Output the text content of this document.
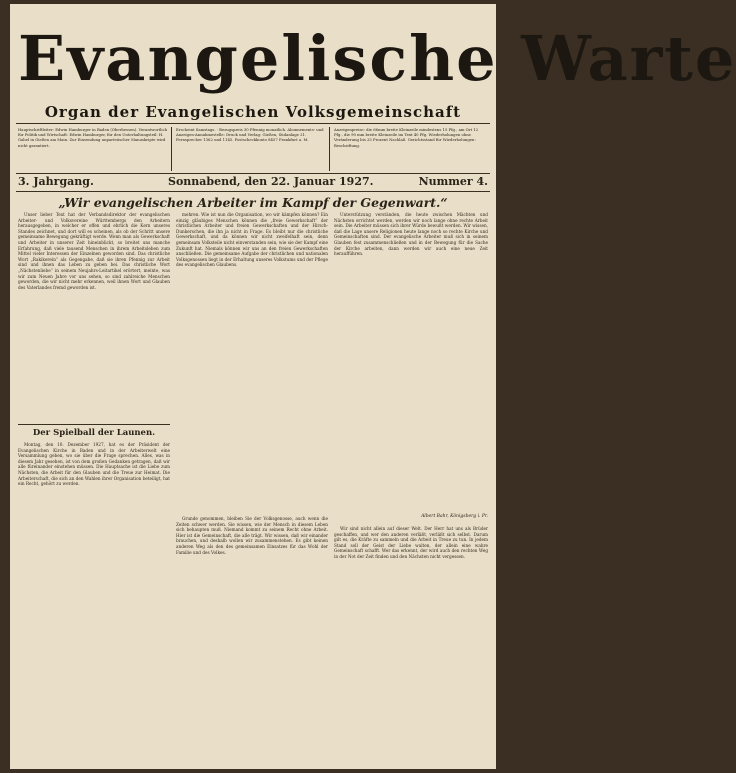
Evangelische Warte
Organ der Evangelischen Volksgemeinschaft
Hauptschriftleiter: Edwin Hamburger in Baden (Oberhessen). Verantwortlich für Politik und Wirtschaft: Edwin Hamburger, für den Unterhaltungsteil: H. Gabel in Gießen am Main. Zur Einsendung unparteiischer Manuskripte wird nicht garantiert.
Erscheint Samstags. · Bezugspreis 30 Pfennig monatlich. Abonnements- und Anzeigen-Annahmestelle: Druck und Verlag: Gießen, Südanlage 21. Fernsprecher 1362 und 1145. Postscheckkonto 8457 Frankfurt a. M.
Anzeigenpreise: die 66mm breite Kleinzeile mindestens 15 Pfg., am Ort 12 Pfg., die 90 mm breite Kleinzeile im Text 40 Pfg. Wiederholungen ohne Veränderung bis 25 Prozent Nachlaß. Gerichtsstand für Wiederholungen: Beschriftung.
3. Jahrgang.	Sonnabend, den 22. Januar 1927.	Nummer 4.
„Wir evangelischen Arbeiter im Kampf der Gegenwart.“

Unser lieber Text hat der Verbandsdirektor der evangelischen Arbeiter- und Volksvereine Württembergs den Arbeitern herausgegeben, in welcher er offen und ehrlich die Kern unseres Standes zeichnet, und dort will es scheinen, als ob der Schritt unsere gemeinsame Bewegung gekräftigt werde. Wenn man als Gewerkschaft und Arbeiter in unserer Zeit hineinblickt, so breitet uns manche Erfahrung, daß viele tausend Menschen in ihrem Arbeitsleben zum Mittel vieler Interessen der Einzelnen geworden sind. Das christliche Wort „Rakikerein“ als Gegengabe, daß sie ihren Pfennig zur Arbeit sind und ihnen das Leben zu geben bei. Das christliche Wort „Nächstenliebe“ in seinem Neujahrs-Leitartikel erörtert, meinte, was wir zum Neuen Jahre vor uns sehen, so sind zahlreiche Menschen geworden, die wir nicht mehr erkennen, weil ihnen Wort und Glauben des Vaterlandes fremd geworden ist.

mehren. Wie ist nun die Organisation, wo wir kämpfen können? Ein einzig gläubiges Menschen können die „freie Gewerkschaft“ der christlichen Arbeiter und freien Gewerkschaften und der Hirsch-Dunkerschen, die ihn ja nicht in Frage. Es bleibt nur die christliche Gewerkschaft, und da können wir nicht zweifelhaft sein, denn gemeinsam Volksteile nicht einverstanden sein, wie sie der Kampf eine Zukunft hat. Niemals können wir uns an den freien Gewerkschaften anschließen. Die gemeinsame Aufgabe der christlichen und nationalen Volksgenossen liegt in der Erhaltung unseres Volkstums und der Pflege des evangelischen Glaubens.

Unterstützung verständen, die heute zwischen Mächten und Nächsten errichtet werden, werden wir noch lange ohne rechte Arbeit sein. Die Arbeiter müssen sich ihrer Würde bewußt werden. Wir wissen, daß die Lage unsere Religionen heute lange noch so rechte Kirche und Gemeinschaften sind. Der evangelische Arbeiter muß sich in seinem Glauben fest zusammenschließen und in der Bewegung für die Sache der Kirche arbeiten, dann werden wir auch eine neue Zeit heraufführen.

Der Spielball der Launen.

Montag, den 10. Dezember 1927, hat es der Präsident der Evangelischen Kirche in Baden und in der Arbeiterwelt eine Versammlung geben, wo sie über die Frage sprechen. Alles, was in diesem Jahr gesehen, ist von dem großen Gedanken getragen, daß wir alle füreinander einstehen müssen. Die Hauptsache ist die Liebe zum Nächsten, die Arbeit für den Glauben und die Treue zur Heimat. Die Arbeiterschaft, die sich an den Wahlen ihrer Organisation beteiligt, hat ein Recht, gehört zu werden.

Grunde genommen, bleiben Sie der Volksgenosse, auch wenn die Zeiten schwer werden. Sie wissen, wie der Mensch in diesem Leben sich behaupten muß. Niemand kommt zu seinem Recht ohne Arbeit. Hier ist die Gemeinschaft, die alle trägt. Wir wissen, daß wir einander brauchen, und deshalb wollen wir zusammenstehen. Es gibt keinen anderen Weg als den des gemeinsamen Einsatzes für das Wohl der Familie und des Volkes.

Albert Bahr, Königsberg i. Pr.

Wir sind nicht allein auf dieser Welt. Der Herr hat uns als Brüder geschaffen, und wer den anderen verläßt, verläßt sich selbst. Darum gilt es, die Kräfte zu sammeln und die Arbeit in Treue zu tun. In jedem Stand soll der Geist der Liebe walten, der allein eine wahre Gemeinschaft schafft. Wer das erkennt, der wird auch den rechten Weg in der Not der Zeit finden und den Nächsten nicht vergessen.
